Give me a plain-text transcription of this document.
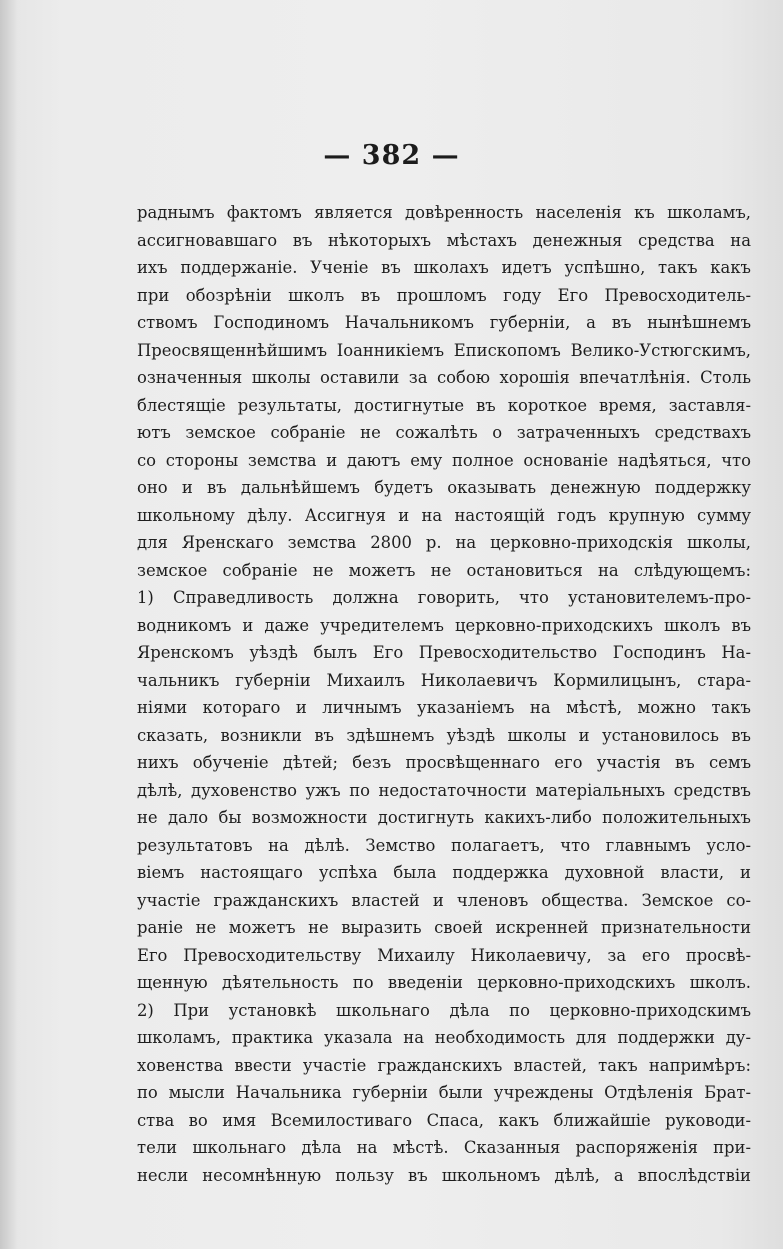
— 382 —
раднымъ фактомъ является довѣренность населенія къ школамъ,
ассигновавшаго въ нѣкоторыхъ мѣстахъ денежныя средства на
ихъ поддержаніе. Ученіе въ школахъ идетъ успѣшно, такъ какъ
при обозрѣніи школъ въ прошломъ году Его Превосходитель-
ствомъ Господиномъ Начальникомъ губерніи, а въ нынѣшнемъ
Преосвященнѣйшимъ Іоанникіемъ Епископомъ Велико-Устюгскимъ,
означенныя школы оставили за собою хорошія впечатлѣнія. Столь
блестящіе результаты, достигнутые въ короткое время, заставля-
ютъ земское собраніе не сожалѣть о затраченныхъ средствахъ
со стороны земства и даютъ ему полное основаніе надѣяться, что
оно и въ дальнѣйшемъ будетъ оказывать денежную поддержку
школьному дѣлу. Ассигнуя и на настоящій годъ крупную сумму
для Яренскаго земства 2800 р. на церковно-приходскія школы,
земское собраніе не можетъ не остановиться на слѣдующемъ:
1) Справедливость должна говорить, что установителемъ-про-
водникомъ и даже учредителемъ церковно-приходскихъ школъ въ
Яренскомъ уѣздѣ былъ Его Превосходительство Господинъ На-
чальникъ губерніи Михаилъ Николаевичъ Кормилицынъ, стара-
ніями котораго и личнымъ указаніемъ на мѣстѣ, можно такъ
сказать, возникли въ здѣшнемъ уѣздѣ школы и установилось въ
нихъ обученіе дѣтей; безъ просвѣщеннаго его участія въ семъ
дѣлѣ, духовенство ужъ по недостаточности матеріальныхъ средствъ
не дало бы возможности достигнуть какихъ-либо положительныхъ
результатовъ на дѣлѣ. Земство полагаетъ, что главнымъ усло-
віемъ настоящаго успѣха была поддержка духовной власти, и
участіе гражданскихъ властей и членовъ общества. Земское со-
раніе не можетъ не выразить своей искренней признательности
Его Превосходительству Михаилу Николаевичу, за его просвѣ-
щенную дѣятельность по введеніи церковно-приходскихъ школъ.
2) При установкѣ школьнаго дѣла по церковно-приходскимъ
школамъ, практика указала на необходимость для поддержки ду-
ховенства ввести участіе гражданскихъ властей, такъ напримѣръ:
по мысли Начальника губерніи были учреждены Отдѣленія Брат-
ства во имя Всемилостиваго Спаса, какъ ближайшіе руководи-
тели школьнаго дѣла на мѣстѣ. Сказанныя распоряженія при-
несли несомнѣнную пользу въ школьномъ дѣлѣ, а впослѣдствіи
